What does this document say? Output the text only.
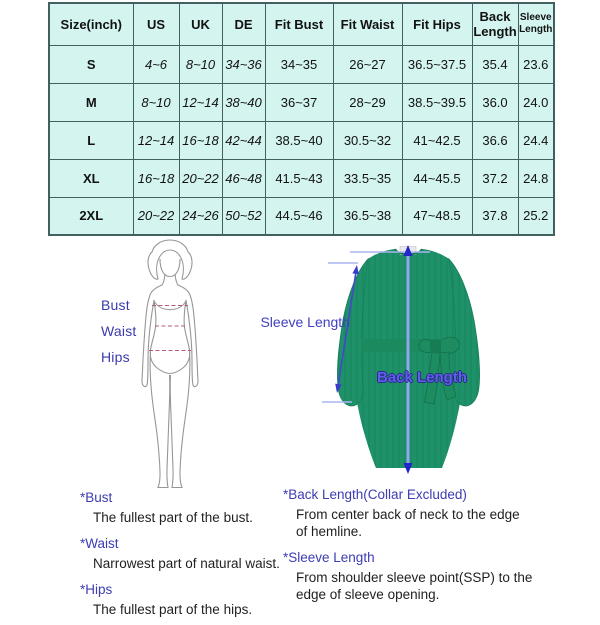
Size(inch)	US	UK	DE	Fit Bust	Fit Waist	Fit Hips	Back Length	Sleeve Length
S	4~6	8~10	34~36	34~35	26~27	36.5~37.5	35.4	23.6
M	8~10	12~14	38~40	36~37	28~29	38.5~39.5	36.0	24.0
L	12~14	16~18	42~44	38.5~40	30.5~32	41~42.5	36.6	24.4
XL	16~18	20~22	46~48	41.5~43	33.5~35	44~45.5	37.2	24.8
2XL	20~22	24~26	50~52	44.5~46	36.5~38	47~48.5	37.8	25.2
Bust
Waist
Hips
Sleeve Length
Back Length
*Bust
The fullest part of the bust.
*Waist
Narrowest part of natural waist.
*Hips
The fullest part of the hips.
*Back Length(Collar Excluded)
From center back of neck to the edge
of hemline.
*Sleeve Length
From shoulder sleeve point(SSP) to the
edge of sleeve opening.
